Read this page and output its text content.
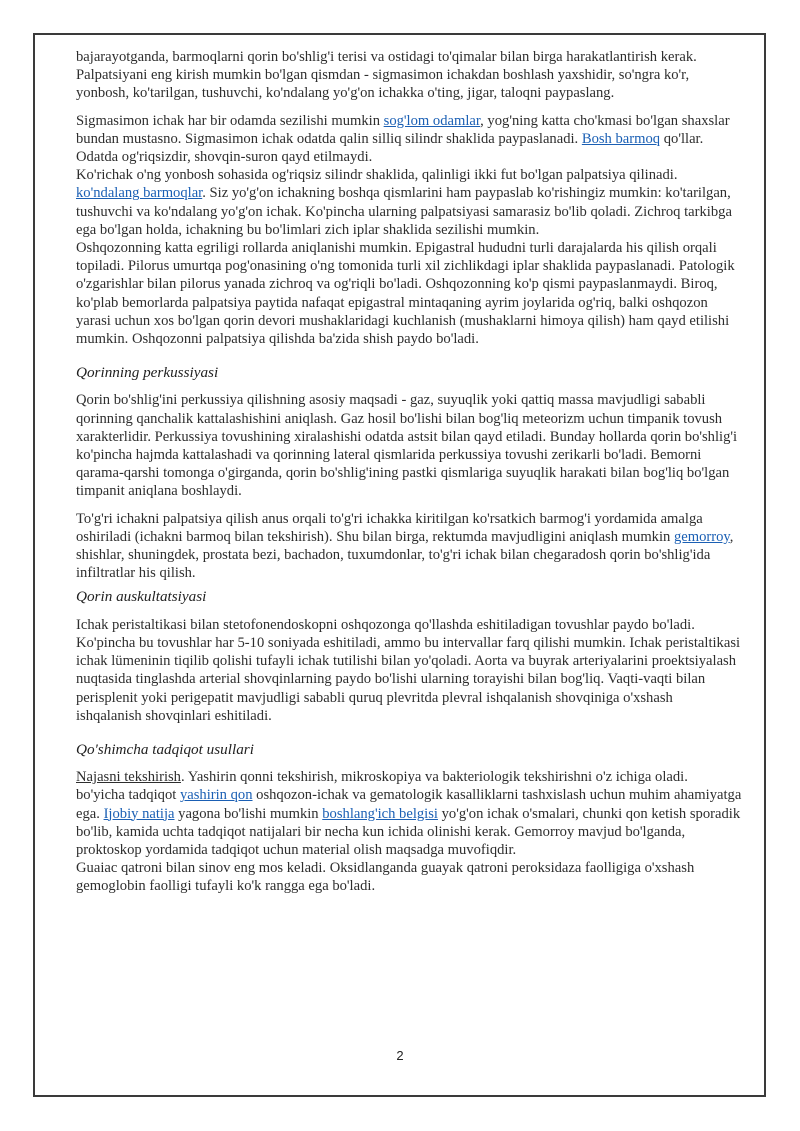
bajarayotganda, barmoqlarni qorin bo'shlig'i terisi va ostidagi to'qimalar bilan birga harakatlantirish kerak. Palpatsiyani eng kirish mumkin bo'lgan qismdan - sigmasimon ichakdan boshlash yaxshidir, so'ngra ko'r, yonbosh, ko'tarilgan, tushuvchi, ko'ndalang yo'g'on ichakka o'ting, jigar, taloqni paypaslang.

Sigmasimon ichak har bir odamda sezilishi mumkin sog'lom odamlar, yog'ning katta cho'kmasi bo'lgan shaxslar bundan mustasno. Sigmasimon ichak odatda qalin silliq silindr shaklida paypaslanadi. Bosh barmoq qo'llar. Odatda og'riqsizdir, shovqin-suron qayd etilmaydi.

Ko'richak o'ng yonbosh sohasida og'riqsiz silindr shaklida, qalinligi ikki fut bo'lgan palpatsiya qilinadi. ko'ndalang barmoqlar. Siz yo'g'on ichakning boshqa qismlarini ham paypaslab ko'rishingiz mumkin: ko'tarilgan, tushuvchi va ko'ndalang yo'g'on ichak. Ko'pincha ularning palpatsiyasi samarasiz bo'lib qoladi. Zichroq tarkibga ega bo'lgan holda, ichakning bu bo'limlari zich iplar shaklida sezilishi mumkin.

Oshqozonning katta egriligi rollarda aniqlanishi mumkin. Epigastral hududni turli darajalarda his qilish orqali topiladi. Pilorus umurtqa pog'onasining o'ng tomonida turli xil zichlikdagi iplar shaklida paypaslanadi. Patologik o'zgarishlar bilan pilorus yanada zichroq va og'riqli bo'ladi. Oshqozonning ko'p qismi paypaslanmaydi. Biroq, ko'plab bemorlarda palpatsiya paytida nafaqat epigastral mintaqaning ayrim joylarida og'riq, balki oshqozon yarasi uchun xos bo'lgan qorin devori mushaklaridagi kuchlanish (mushaklarni himoya qilish) ham qayd etilishi mumkin. Oshqozonni palpatsiya qilishda ba'zida shish paydo bo'ladi.

Qorinning perkussiyasi

Qorin bo'shlig'ini perkussiya qilishning asosiy maqsadi - gaz, suyuqlik yoki qattiq massa mavjudligi sababli qorinning qanchalik kattalashishini aniqlash. Gaz hosil bo'lishi bilan bog'liq meteorizm uchun timpanik tovush xarakterlidir. Perkussiya tovushining xiralashishi odatda astsit bilan qayd etiladi. Bunday hollarda qorin bo'shlig'i ko'pincha hajmda kattalashadi va qorinning lateral qismlarida perkussiya tovushi zerikarli bo'ladi. Bemorni qarama-qarshi tomonga o'girganda, qorin bo'shlig'ining pastki qismlariga suyuqlik harakati bilan bog'liq bo'lgan timpanit aniqlana boshlaydi.

To'g'ri ichakni palpatsiya qilish anus orqali to'g'ri ichakka kiritilgan ko'rsatkich barmog'i yordamida amalga oshiriladi (ichakni barmoq bilan tekshirish). Shu bilan birga, rektumda mavjudligini aniqlash mumkin gemorroy, shishlar, shuningdek, prostata bezi, bachadon, tuxumdonlar, to'g'ri ichak bilan chegaradosh qorin bo'shlig'ida infiltratlar his qilish.

Qorin auskultatsiyasi

Ichak peristaltikasi bilan stetofonendoskopni oshqozonga qo'llashda eshitiladigan tovushlar paydo bo'ladi. Ko'pincha bu tovushlar har 5-10 soniyada eshitiladi, ammo bu intervallar farq qilishi mumkin. Ichak peristaltikasi ichak lümeninin tiqilib qolishi tufayli ichak tutilishi bilan yo'qoladi. Aorta va buyrak arteriyalarini proektsiyalash nuqtasida tinglashda arterial shovqinlarning paydo bo'lishi ularning torayishi bilan bog'liq. Vaqti-vaqti bilan perisplenit yoki perigepatit mavjudligi sababli quruq plevritda plevral ishqalanish shovqiniga o'xshash ishqalanish shovqinlari eshitiladi.

Qo'shimcha tadqiqot usullari

Najasni tekshirish. Yashirin qonni tekshirish, mikroskopiya va bakteriologik tekshirishni o'z ichiga oladi.

bo'yicha tadqiqot yashirin qon oshqozon-ichak va gematologik kasalliklarni tashxislash uchun muhim ahamiyatga ega. Ijobiy natija yagona bo'lishi mumkin boshlang'ich belgisi yo'g'on ichak o'smalari, chunki qon ketish sporadik bo'lib, kamida uchta tadqiqot natijalari bir necha kun ichida olinishi kerak. Gemorroy mavjud bo'lganda, proktoskop yordamida tadqiqot uchun material olish maqsadga muvofiqdir.

Guaiac qatroni bilan sinov eng mos keladi. Oksidlanganda guayak qatroni peroksidaza faolligiga o'xshash gemoglobin faolligi tufayli ko'k rangga ega bo'ladi.

2
